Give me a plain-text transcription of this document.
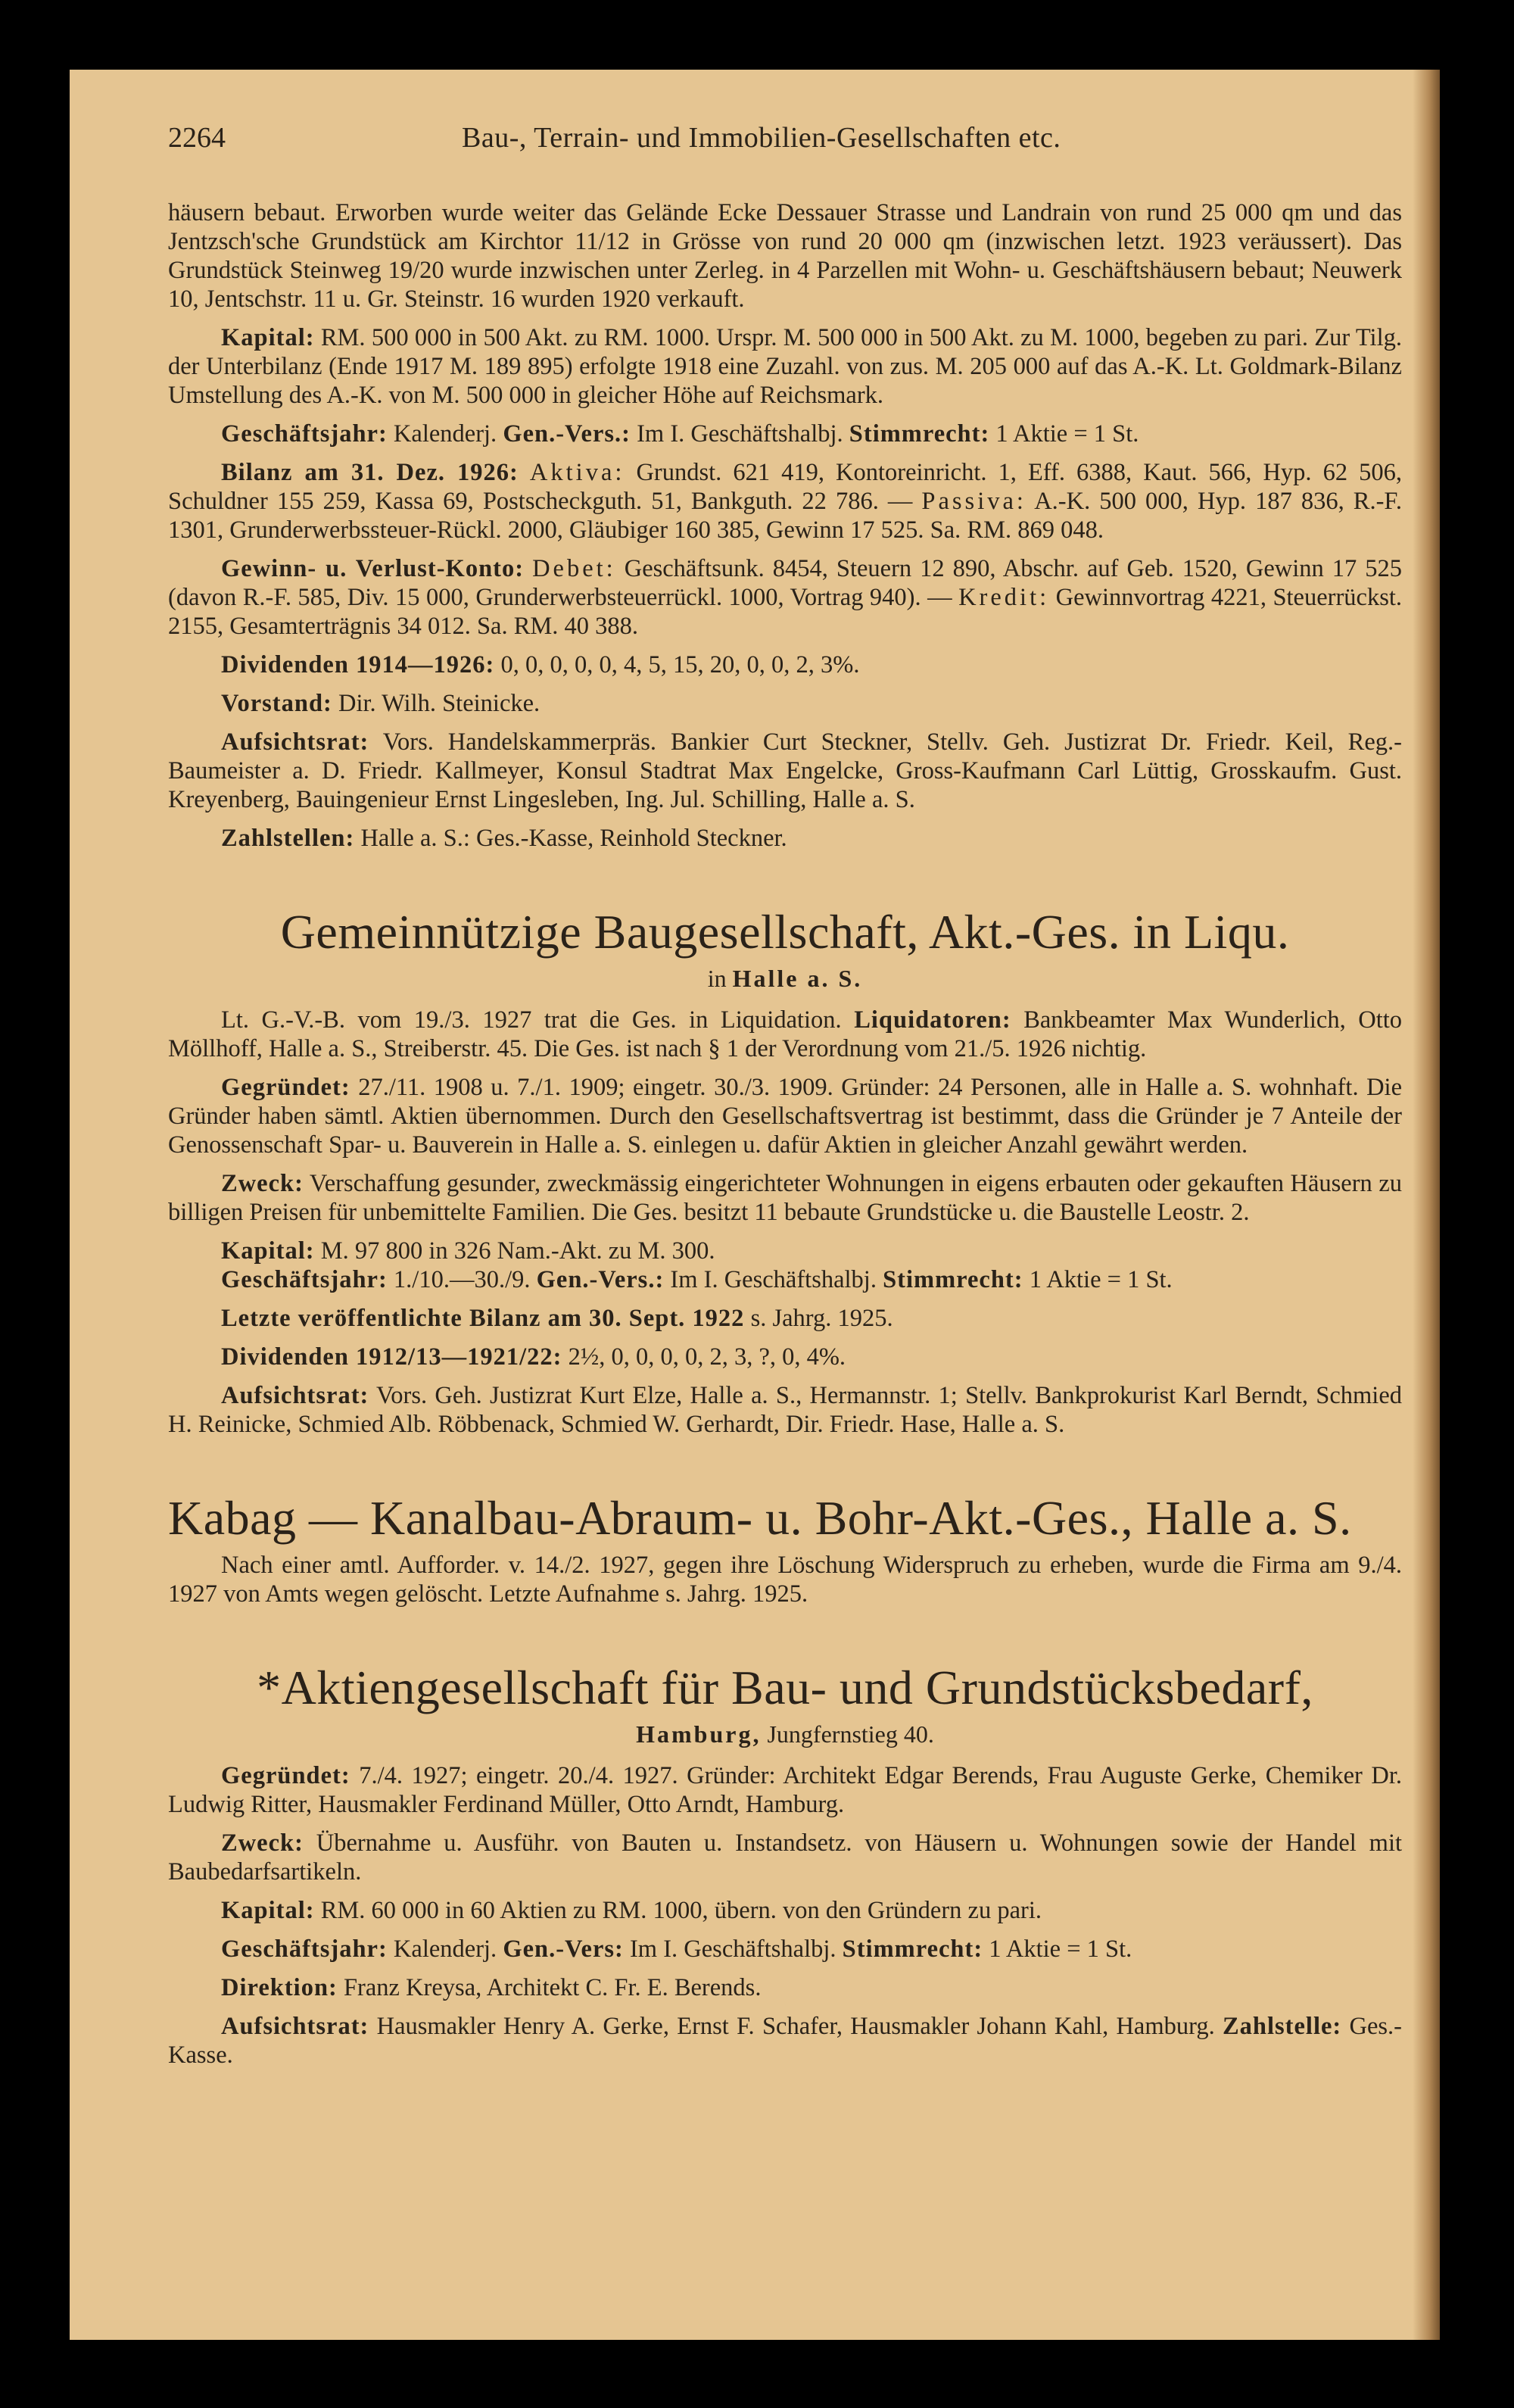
2264	Bau-, Terrain- und Immobilien-Gesellschaften etc.

häusern bebaut. Erworben wurde weiter das Gelände Ecke Dessauer Strasse und Landrain von rund 25 000 qm und das Jentzsch'sche Grundstück am Kirchtor 11/12 in Grösse von rund 20 000 qm (inzwischen letzt. 1923 veräussert). Das Grundstück Steinweg 19/20 wurde inzwischen unter Zerleg. in 4 Parzellen mit Wohn- u. Geschäftshäusern bebaut; Neuwerk 10, Jentschstr. 11 u. Gr. Steinstr. 16 wurden 1920 verkauft.

Kapital: RM. 500 000 in 500 Akt. zu RM. 1000. Urspr. M. 500 000 in 500 Akt. zu M. 1000, begeben zu pari. Zur Tilg. der Unterbilanz (Ende 1917 M. 189 895) erfolgte 1918 eine Zuzahl. von zus. M. 205 000 auf das A.-K. Lt. Goldmark-Bilanz Umstellung des A.-K. von M. 500 000 in gleicher Höhe auf Reichsmark.

Geschäftsjahr: Kalenderj. Gen.-Vers.: Im I. Geschäftshalbj. Stimmrecht: 1 Aktie = 1 St.

Bilanz am 31. Dez. 1926: Aktiva: Grundst. 621 419, Kontoreinricht. 1, Eff. 6388, Kaut. 566, Hyp. 62 506, Schuldner 155 259, Kassa 69, Postscheckguth. 51, Bankguth. 22 786. — Passiva: A.-K. 500 000, Hyp. 187 836, R.-F. 1301, Grunderwerbssteuer-Rückl. 2000, Gläubiger 160 385, Gewinn 17 525. Sa. RM. 869 048.

Gewinn- u. Verlust-Konto: Debet: Geschäftsunk. 8454, Steuern 12 890, Abschr. auf Geb. 1520, Gewinn 17 525 (davon R.-F. 585, Div. 15 000, Grunderwerbsteuerrückl. 1000, Vortrag 940). — Kredit: Gewinnvortrag 4221, Steuerrückst. 2155, Gesamterträgnis 34 012. Sa. RM. 40 388.

Dividenden 1914—1926: 0, 0, 0, 0, 0, 4, 5, 15, 20, 0, 0, 2, 3%.

Vorstand: Dir. Wilh. Steinicke.

Aufsichtsrat: Vors. Handelskammerpräs. Bankier Curt Steckner, Stellv. Geh. Justizrat Dr. Friedr. Keil, Reg.-Baumeister a. D. Friedr. Kallmeyer, Konsul Stadtrat Max Engelcke, Gross-Kaufmann Carl Lüttig, Grosskaufm. Gust. Kreyenberg, Bauingenieur Ernst Lingesleben, Ing. Jul. Schilling, Halle a. S.

Zahlstellen: Halle a. S.: Ges.-Kasse, Reinhold Steckner.

Gemeinnützige Baugesellschaft, Akt.-Ges. in Liqu.
in Halle a. S.

Lt. G.-V.-B. vom 19./3. 1927 trat die Ges. in Liquidation. Liquidatoren: Bankbeamter Max Wunderlich, Otto Möllhoff, Halle a. S., Streiberstr. 45. Die Ges. ist nach § 1 der Verordnung vom 21./5. 1926 nichtig.

Gegründet: 27./11. 1908 u. 7./1. 1909; eingetr. 30./3. 1909. Gründer: 24 Personen, alle in Halle a. S. wohnhaft. Die Gründer haben sämtl. Aktien übernommen. Durch den Gesellschaftsvertrag ist bestimmt, dass die Gründer je 7 Anteile der Genossenschaft Spar- u. Bauverein in Halle a. S. einlegen u. dafür Aktien in gleicher Anzahl gewährt werden.

Zweck: Verschaffung gesunder, zweckmässig eingerichteter Wohnungen in eigens erbauten oder gekauften Häusern zu billigen Preisen für unbemittelte Familien. Die Ges. besitzt 11 bebaute Grundstücke u. die Baustelle Leostr. 2.

Kapital: M. 97 800 in 326 Nam.-Akt. zu M. 300.

Geschäftsjahr: 1./10.—30./9. Gen.-Vers.: Im I. Geschäftshalbj. Stimmrecht: 1 Aktie = 1 St.

Letzte veröffentlichte Bilanz am 30. Sept. 1922 s. Jahrg. 1925.

Dividenden 1912/13—1921/22: 2½, 0, 0, 0, 0, 2, 3, ?, 0, 4%.

Aufsichtsrat: Vors. Geh. Justizrat Kurt Elze, Halle a. S., Hermannstr. 1; Stellv. Bankprokurist Karl Berndt, Schmied H. Reinicke, Schmied Alb. Röbbenack, Schmied W. Gerhardt, Dir. Friedr. Hase, Halle a. S.

Kabag — Kanalbau-Abraum- u. Bohr-Akt.-Ges., Halle a. S.

Nach einer amtl. Aufforder. v. 14./2. 1927, gegen ihre Löschung Widerspruch zu erheben, wurde die Firma am 9./4. 1927 von Amts wegen gelöscht. Letzte Aufnahme s. Jahrg. 1925.

*Aktiengesellschaft für Bau- und Grundstücksbedarf,
Hamburg, Jungfernstieg 40.

Gegründet: 7./4. 1927; eingetr. 20./4. 1927. Gründer: Architekt Edgar Berends, Frau Auguste Gerke, Chemiker Dr. Ludwig Ritter, Hausmakler Ferdinand Müller, Otto Arndt, Hamburg.

Zweck: Übernahme u. Ausführ. von Bauten u. Instandsetz. von Häusern u. Wohnungen sowie der Handel mit Baubedarfsartikeln.

Kapital: RM. 60 000 in 60 Aktien zu RM. 1000, übern. von den Gründern zu pari.

Geschäftsjahr: Kalenderj. Gen.-Vers: Im I. Geschäftshalbj. Stimmrecht: 1 Aktie = 1 St.

Direktion: Franz Kreysa, Architekt C. Fr. E. Berends.

Aufsichtsrat: Hausmakler Henry A. Gerke, Ernst F. Schafer, Hausmakler Johann Kahl, Hamburg. Zahlstelle: Ges.-Kasse.
